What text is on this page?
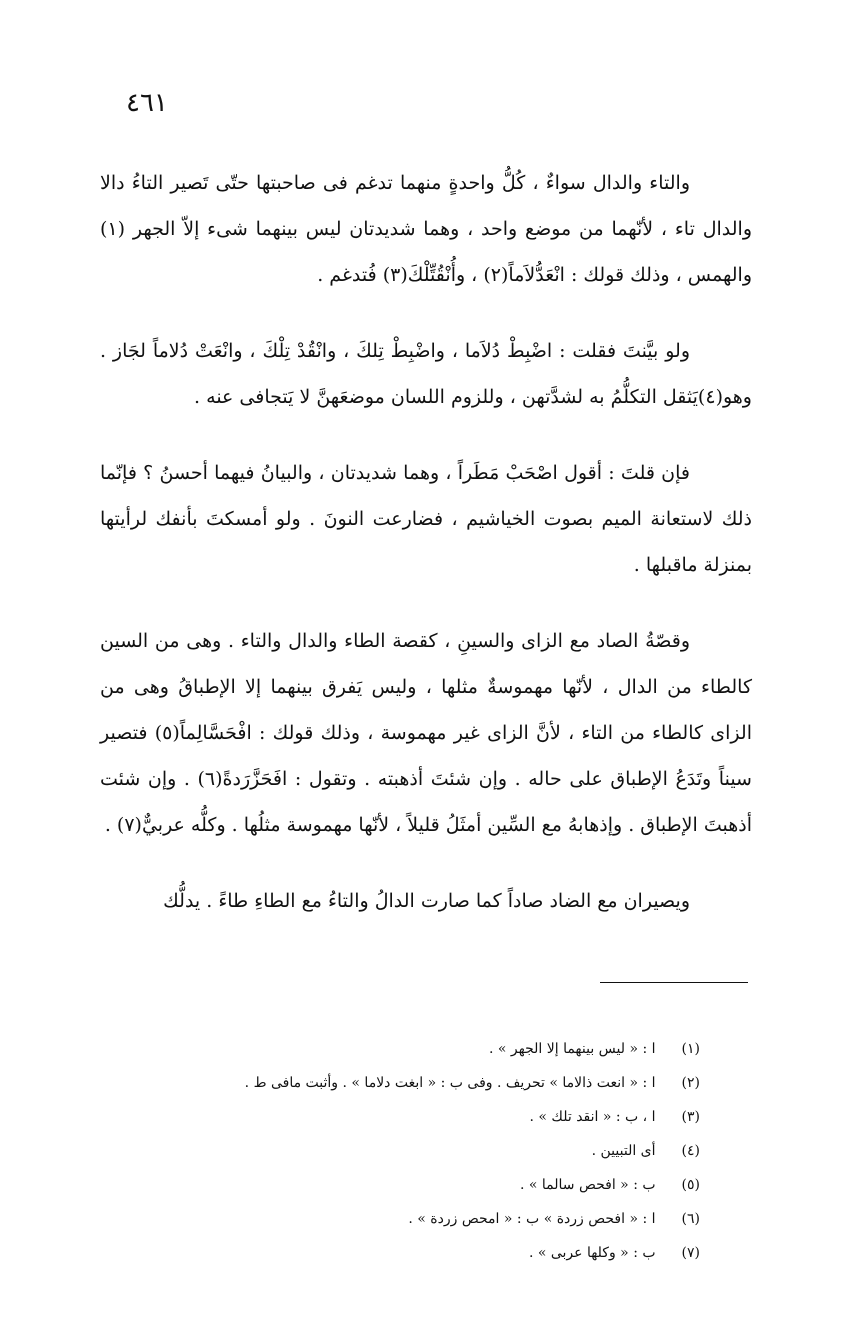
٤٦١

والتاء والدال سواءٌ ، كُلُّ واحدةٍ منهما تدغم فى صاحبتها حتّى تَصير التاءُ دالا والدال تاء ، لأنّهما من موضع واحد ، وهما شديدتان ليس بينهما شىء إلاّ الجهر (١) والهمس ، وذلك قولك : انْعَدُّلاَماً(٢) ، وأُنْقُتِّلْكَ(٣) فُتدغم .

ولو بيَّنتَ فقلت : اضْبِطْ دُلاَما ، واضْبِطْ تِلكَ ، وانْقُدْ تِلْكَ ، وانْعَتْ دُلاماً لجَاز . وهو(٤)يَثقل التكلُّمُ به لشدَّتهن ، وللزوم اللسان موضعَهنَّ لا يَتجافى عنه .

فإن قلتَ : أقول اصْحَبْ مَطَراً ، وهما شديدتان ، والبيانُ فيهما أحسنُ ؟ فإنّما ذلك لاستعانة الميم بصوت الخياشيم ، فضارعت النونَ . ولو أمسكتَ بأنفك لرأيتها بمنزلة ماقبلها .

وقصّةُ الصاد مع الزاى والسينِ ، كقصة الطاء والدال والتاء . وهى من السين كالطاء من الدال ، لأنّها مهموسةٌ مثلها ، وليس يَفرق بينهما إلا الإطباقُ وهى من الزاى كالطاء من التاء ، لأنَّ الزاى غير مهموسة ، وذلك قولك : افْحَسَّالِماً(٥) فتصير سيناً وتَدَعُ الإطباق على حاله . وإن شئتَ أذهبته . وتقول : افَحَزَّرَدةً(٦) . وإن شئت أذهبتَ الإطباق . وإذهابهُ مع السِّين أمثَلُ قليلاً ، لأنّها مهموسة مثلُها . وكلُّه عربيٌّ(٧) .

ويصيران مع الضاد صاداً كما صارت الدالُ والتاءُ مع الطاءِ طاءً . يدلُّك

(١) ا : « ليس بينهما إلا الجهر » .
(٢) ا : « انعت ذالاما » تحريف . وفى ب : « ابغت دلاما » . وأثبت مافى ط .
(٣) ا ، ب : « انقد تلك » .
(٤) أى التبيين .
(٥) ب : « افحص سالما » .
(٦) ا : « افحص زردة » ب : « امحص زردة » .
(٧) ب : « وكلها عربى » .
